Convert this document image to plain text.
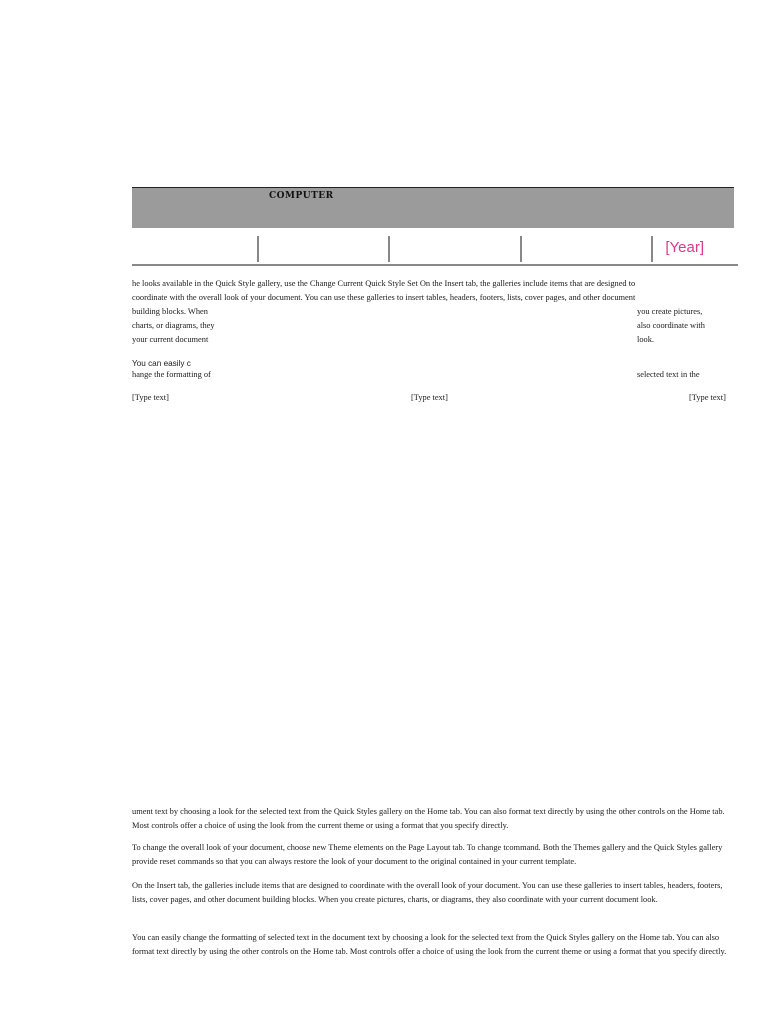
COMPUTER
[Year]
he looks available in the Quick Style gallery, use the Change Current Quick Style Set On the Insert tab, the galleries include items that are designed to
coordinate with the overall look of your document. You can use these galleries to insert tables, headers, footers, lists, cover pages, and other document
building blocks. When	you create pictures,
charts, or diagrams, they	also coordinate with
your current document	look.
You can easily c
hange the formatting of	selected text in the
[Type text]	[Type text]	[Type text]

ument text by choosing a look for the selected text from the Quick Styles gallery on the Home tab. You can also format text directly by using the other controls on the Home tab. Most controls offer a choice of using the look from the current theme or using a format that you specify directly.

To change the overall look of your document, choose new Theme elements on the Page Layout tab. To change tcommand. Both the Themes gallery and the Quick Styles gallery provide reset commands so that you can always restore the look of your document to the original contained in your current template.

On the Insert tab, the galleries include items that are designed to coordinate with the overall look of your document. You can use these galleries to insert tables, headers, footers, lists, cover pages, and other document building blocks. When you create pictures, charts, or diagrams, they also coordinate with your current document look.

You can easily change the formatting of selected text in the document text by choosing a look for the selected text from the Quick Styles gallery on the Home tab. You can also format text directly by using the other controls on the Home tab. Most controls offer a choice of using the look from the current theme or using a format that you specify directly.
